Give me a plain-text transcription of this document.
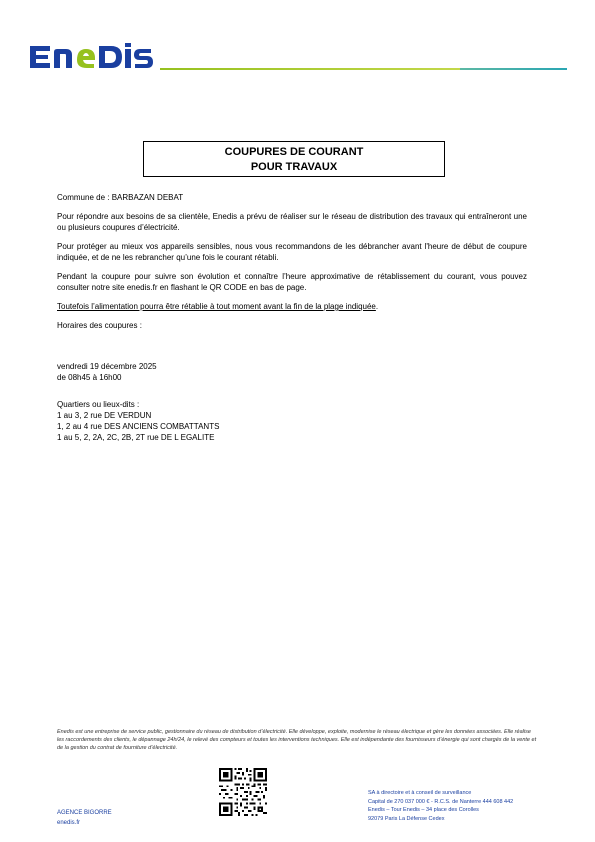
COUPURES DE COURANT
POUR TRAVAUX

Commune de : BARBAZAN DEBAT

Pour répondre aux besoins de sa clientèle, Enedis a prévu de réaliser sur le réseau de distribution des travaux qui entraîneront une ou plusieurs coupures d’électricité.

Pour protéger au mieux vos appareils sensibles, nous vous recommandons de les débrancher avant l'heure de début de coupure indiquée, et de ne les rebrancher qu’une fois le courant rétabli.

Pendant la coupure pour suivre son évolution et connaître l’heure approximative de rétablissement du courant, vous pouvez consulter notre site enedis.fr en flashant le QR CODE en bas de page.

Toutefois l’alimentation pourra être rétablie à tout moment avant la fin de la plage indiquée.

Horaires des coupures :

vendredi 19 décembre 2025
de 08h45 à 16h00
Quartiers ou lieux-dits :
1 au 3, 2 rue DE VERDUN
1, 2 au 4 rue DES ANCIENS COMBATTANTS
1 au 5, 2, 2A, 2C, 2B, 2T rue DE L EGALITE
Enedis est une entreprise de service public, gestionnaire du réseau de distribution d’électricité. Elle développe, exploite, modernise le réseau électrique et gère les données associées. Elle réalise les raccordements des clients, le dépannage 24h/24, le relevé des compteurs et toutes les interventions techniques. Elle est indépendante des fournisseurs d’énergie qui sont chargés de la vente et de la gestion du contrat de fourniture d’électricité.
AGENCE BIGORRE
enedis.fr
SA à directoire et à conseil de surveillance
Capital de 270 037 000 € - R.C.S. de Nanterre 444 608 442
Enedis – Tour Enedis – 34 place des Corolles
92079 Paris La Défense Cedex
